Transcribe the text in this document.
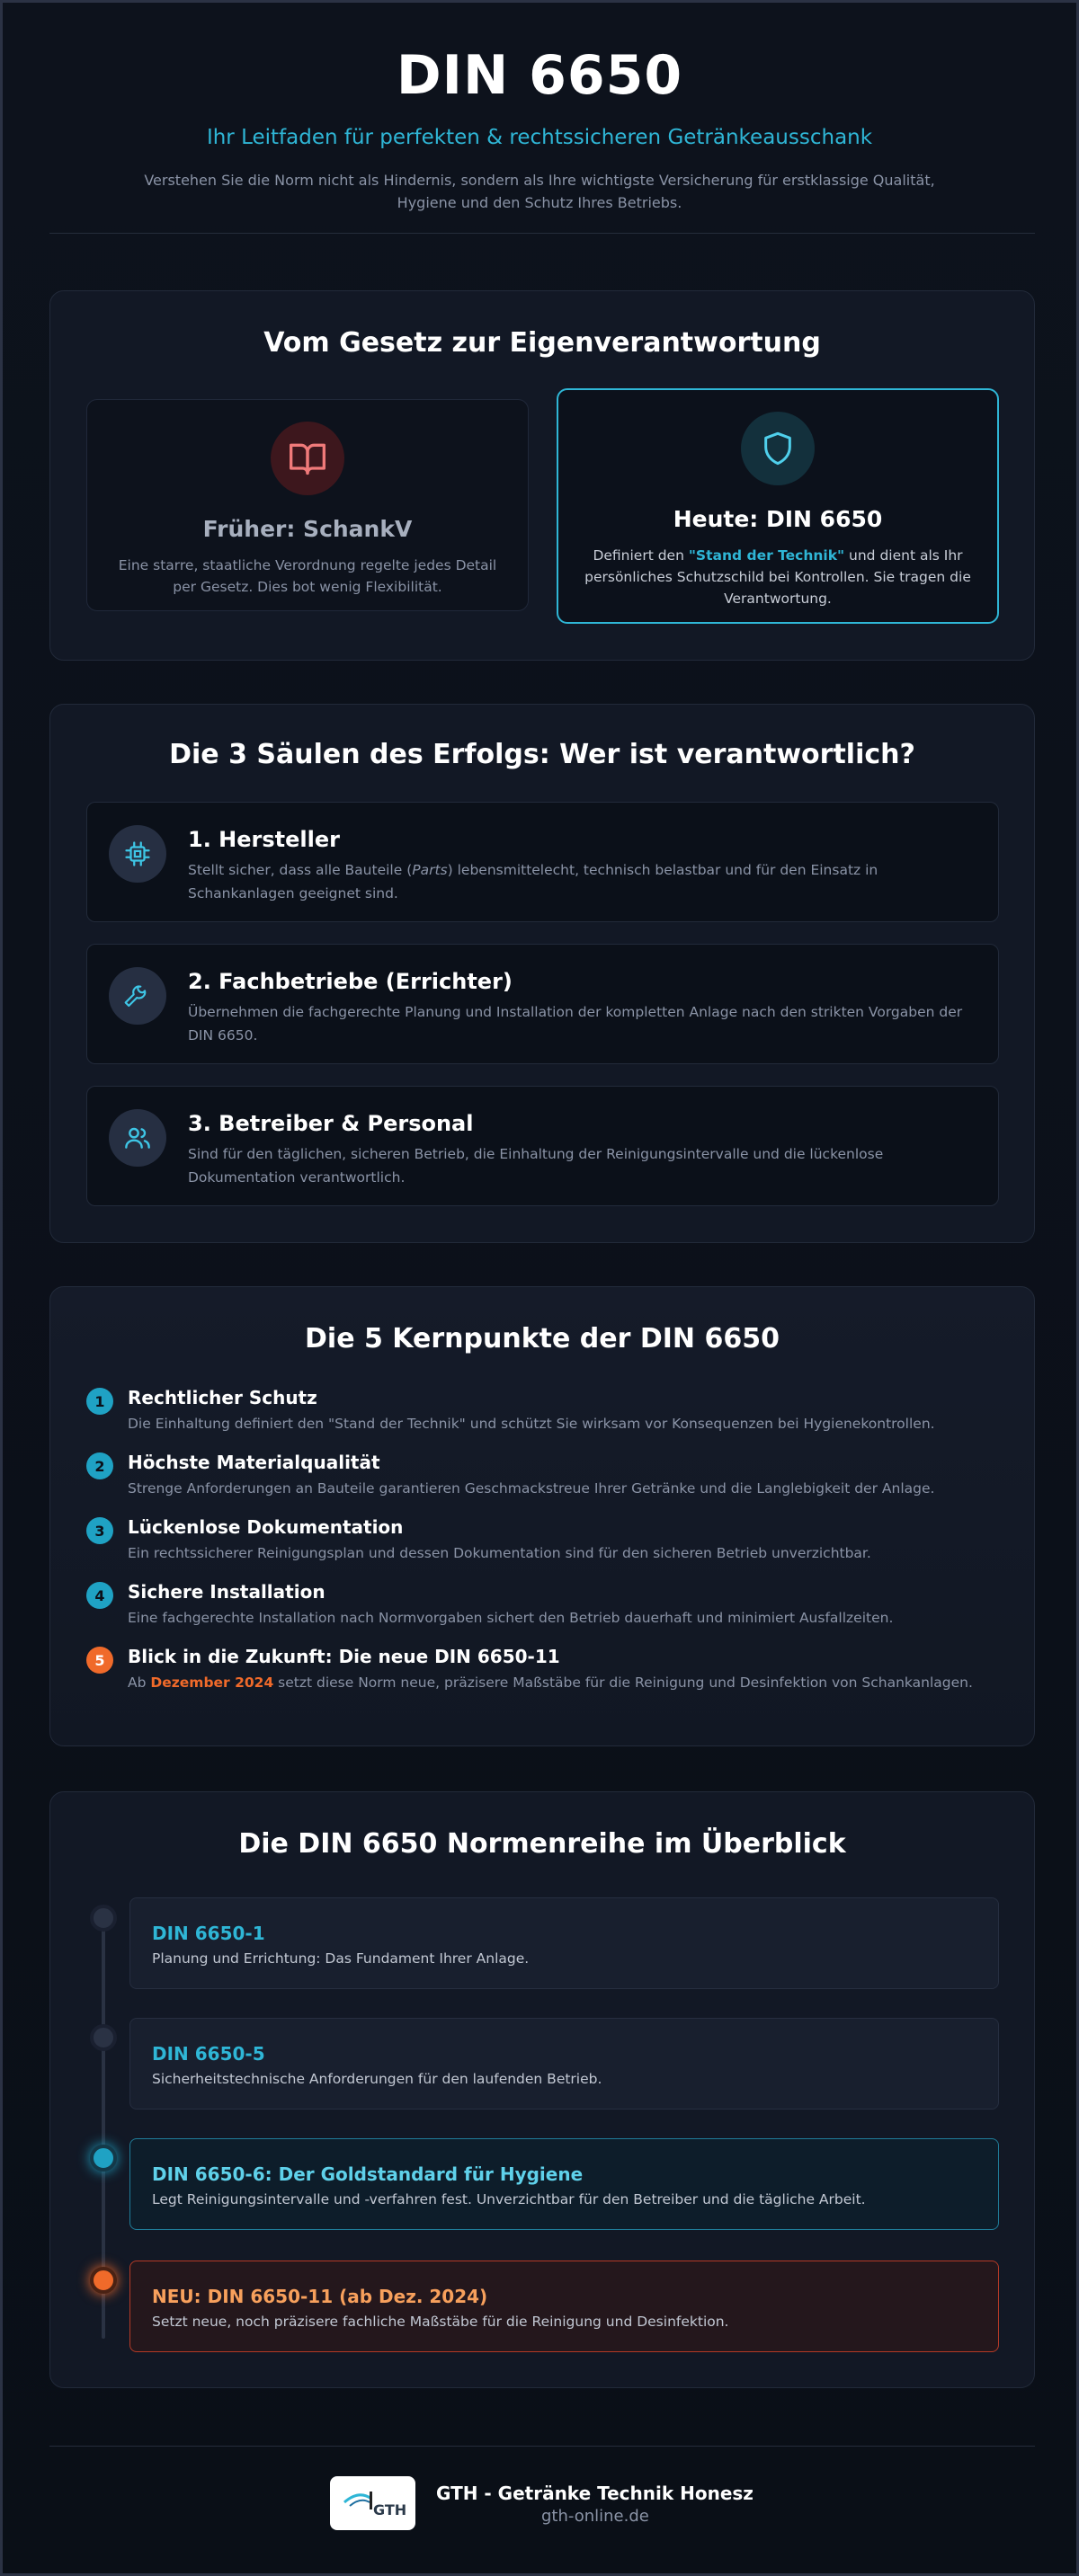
DIN 6650
Ihr Leitfaden für perfekten & rechtssicheren Getränkeausschank

Verstehen Sie die Norm nicht als Hindernis, sondern als Ihre wichtigste Versicherung für erstklassige Qualität, Hygiene und den Schutz Ihres Betriebs.

Vom Gesetz zur Eigenverantwortung
Früher: SchankV

Eine starre, staatliche Verordnung regelte jedes Detail per Gesetz. Dies bot wenig Flexibilität.

Heute: DIN 6650

Definiert den "Stand der Technik" und dient als Ihr persönliches Schutzschild bei Kontrollen. Sie tragen die Verantwortung.

Die 3 Säulen des Erfolgs: Wer ist verantwortlich?
1. Hersteller

Stellt sicher, dass alle Bauteile (Parts) lebensmittelecht, technisch belastbar und für den Einsatz in Schankanlagen geeignet sind.

2. Fachbetriebe (Errichter)

Übernehmen die fachgerechte Planung und Installation der kompletten Anlage nach den strikten Vorgaben der DIN 6650.

3. Betreiber & Personal

Sind für den täglichen, sicheren Betrieb, die Einhaltung der Reinigungsintervalle und die lückenlose Dokumentation verantwortlich.

Die 5 Kernpunkte der DIN 6650
1	Rechtlicher Schutz

Die Einhaltung definiert den "Stand der Technik" und schützt Sie wirksam vor Konsequenzen bei Hygienekontrollen.

2	Höchste Materialqualität

Strenge Anforderungen an Bauteile garantieren Geschmackstreue Ihrer Getränke und die Langlebigkeit der Anlage.

3	Lückenlose Dokumentation

Ein rechtssicherer Reinigungsplan und dessen Dokumentation sind für den sicheren Betrieb unverzichtbar.

4	Sichere Installation

Eine fachgerechte Installation nach Normvorgaben sichert den Betrieb dauerhaft und minimiert Ausfallzeiten.

5	Blick in die Zukunft: Die neue DIN 6650-11

Ab Dezember 2024 setzt diese Norm neue, präzisere Maßstäbe für die Reinigung und Desinfektion von Schankanlagen.

Die DIN 6650 Normenreihe im Überblick
DIN 6650-1

Planung und Errichtung: Das Fundament Ihrer Anlage.

DIN 6650-5

Sicherheitstechnische Anforderungen für den laufenden Betrieb.

DIN 6650-6: Der Goldstandard für Hygiene

Legt Reinigungsintervalle und -verfahren fest. Unverzichtbar für den Betreiber und die tägliche Arbeit.

NEU: DIN 6650-11 (ab Dez. 2024)

Setzt neue, noch präzisere fachliche Maßstäbe für die Reinigung und Desinfektion.

GTH
GTH - Getränke Technik Honesz
gth-online.de
